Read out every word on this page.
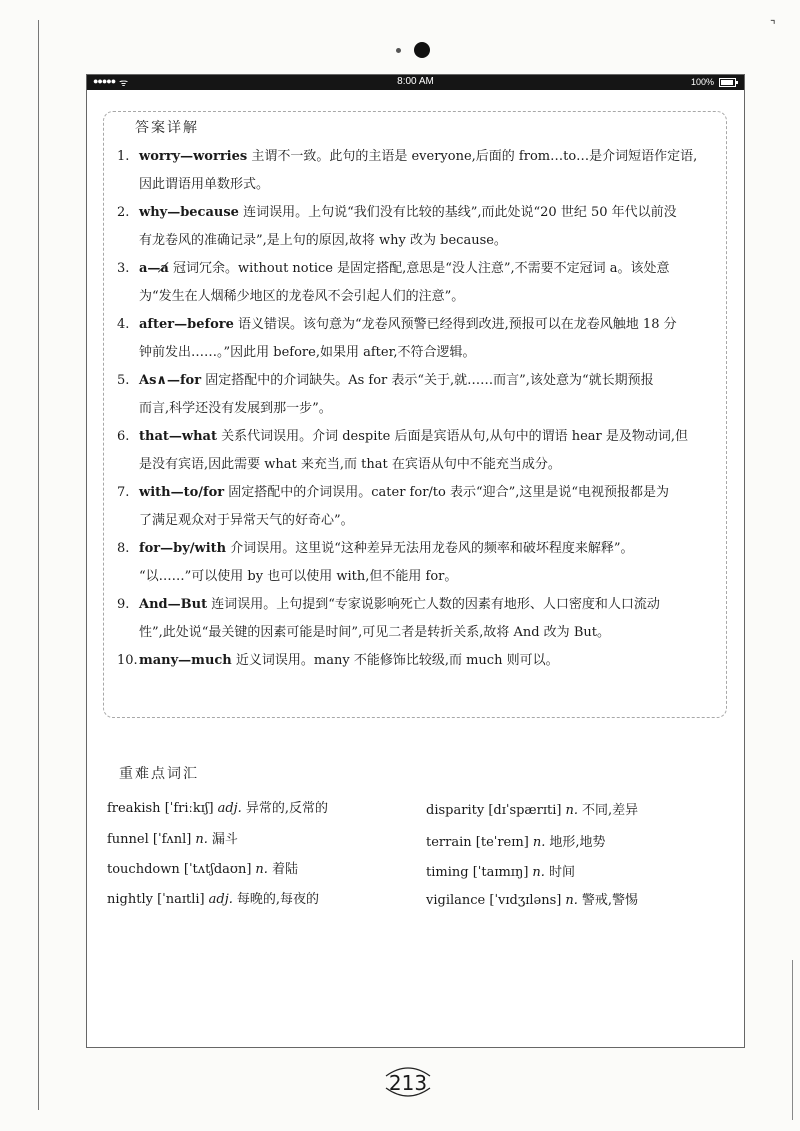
⌝
●●●●● ᯤ	8:00 AM	100%
答案详解
1. worry—worries 主谓不一致。此句的主语是 everyone,后面的 from…to…是介词短语作定语,
因此谓语用单数形式。
2. why—because 连词误用。上句说“我们没有比较的基线”,而此处说“20 世纪 50 年代以前没
有龙卷风的准确记录”,是上句的原因,故将 why 改为 because。
3. a—a̸ 冠词冗余。without notice 是固定搭配,意思是“没人注意”,不需要不定冠词 a。该处意
为“发生在人烟稀少地区的龙卷风不会引起人们的注意”。
4. after—before 语义错误。该句意为“龙卷风预警已经得到改进,预报可以在龙卷风触地 18 分
钟前发出……。”因此用 before,如果用 after,不符合逻辑。
5. As∧—for 固定搭配中的介词缺失。As for 表示“关于,就……而言”,该处意为“就长期预报
而言,科学还没有发展到那一步”。
6. that—what 关系代词误用。介词 despite 后面是宾语从句,从句中的谓语 hear 是及物动词,但
是没有宾语,因此需要 what 来充当,而 that 在宾语从句中不能充当成分。
7. with—to/for 固定搭配中的介词误用。cater for/to 表示“迎合”,这里是说“电视预报都是为
了满足观众对于异常天气的好奇心”。
8. for—by/with 介词误用。这里说“这种差异无法用龙卷风的频率和破坏程度来解释”。
“以……”可以使用 by 也可以使用 with,但不能用 for。
9. And—But 连词误用。上句提到“专家说影响死亡人数的因素有地形、人口密度和人口流动
性”,此处说“最关键的因素可能是时间”,可见二者是转折关系,故将 And 改为 But。
10. many—much 近义词误用。many 不能修饰比较级,而 much 则可以。
重难点词汇
freakish [ˈfriːkɪʃ] adj. 异常的,反常的
funnel [ˈfʌnl] n. 漏斗
touchdown [ˈtʌtʃdaʊn] n. 着陆
nightly [ˈnaɪtli] adj. 每晚的,每夜的
disparity [dɪˈspærɪti] n. 不同,差异
terrain [teˈreɪn] n. 地形,地势
timing [ˈtaɪmɪŋ] n. 时间
vigilance [ˈvɪdʒɪləns] n. 警戒,警惕
213
